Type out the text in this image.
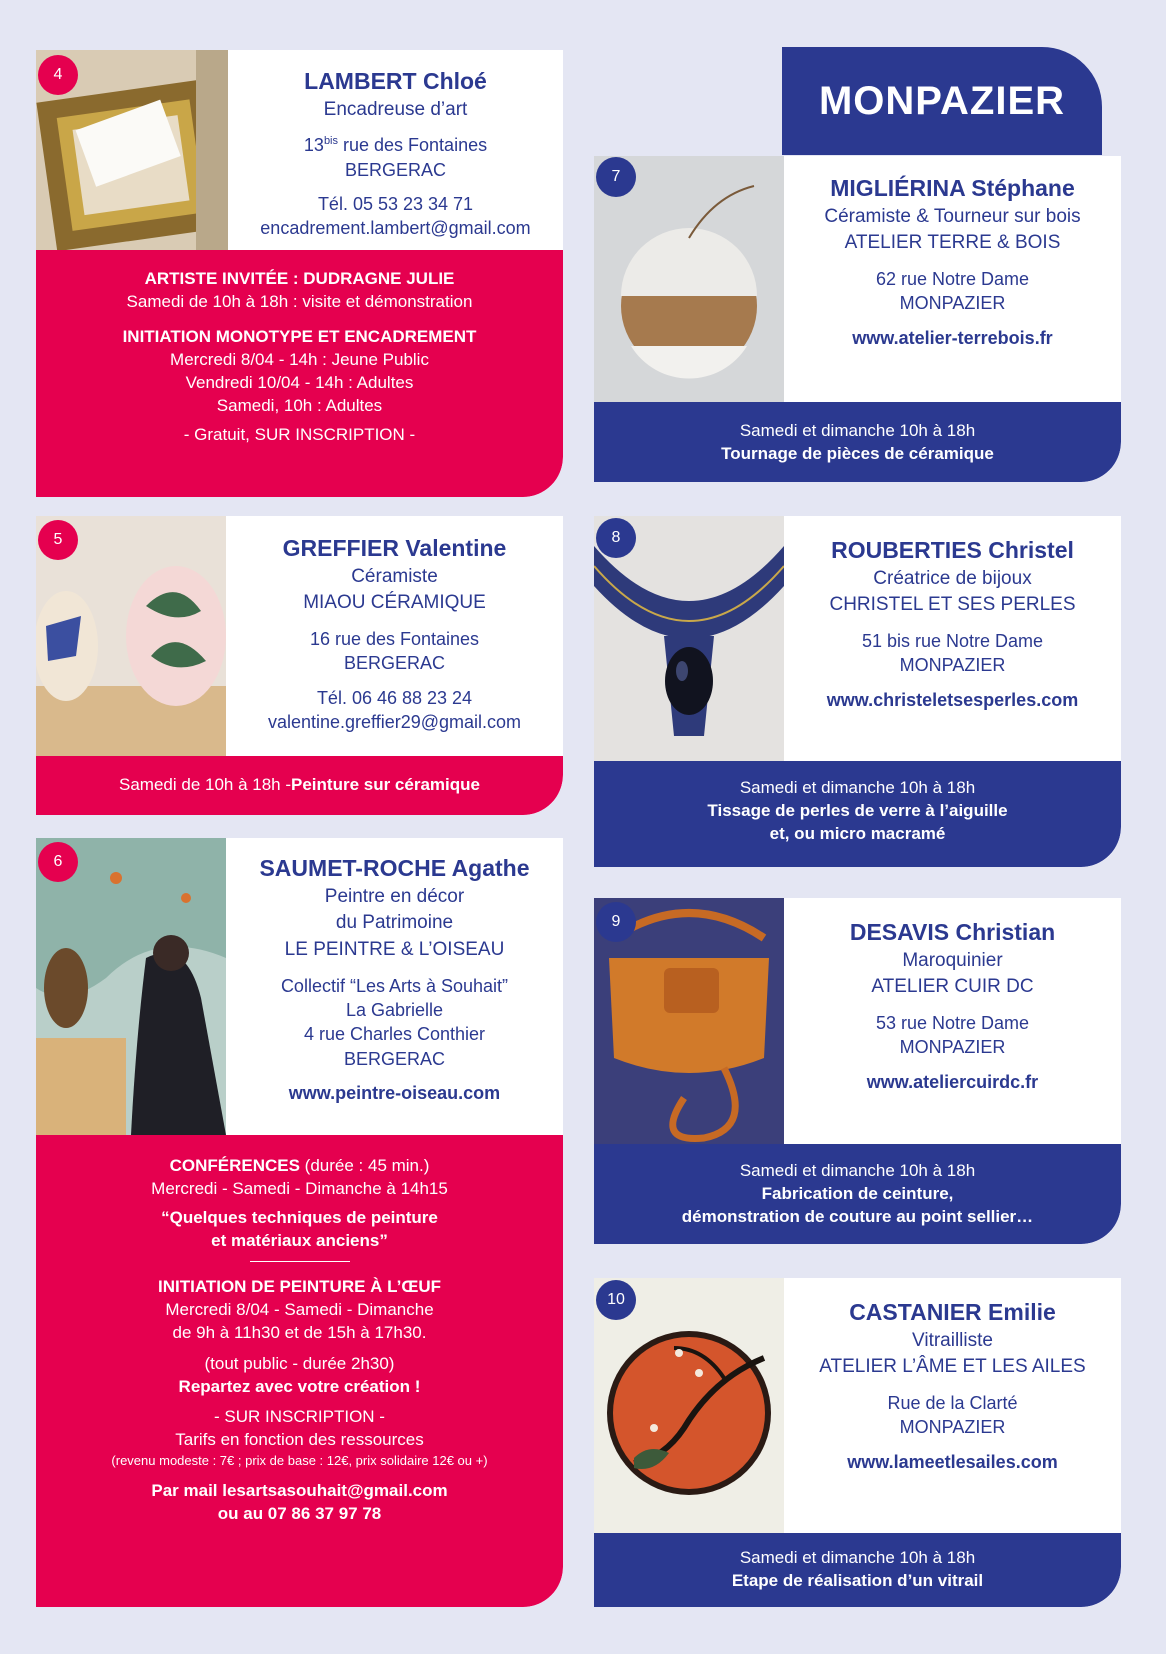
MONPAZIER
4	LAMBERT Chloé
Encadreuse d’art
$13^{bis}$ rue des Fontaines
BERGERAC
Tél. 05 53 23 34 71
encadrement.lambert@gmail.com
ARTISTE INVITÉE : DUDRAGNE JULIE
Samedi de 10h à 18h : visite et démonstration
INITIATION MONOTYPE ET ENCADREMENT
Mercredi 8/04 - 14h : Jeune Public
Vendredi 10/04 - 14h : Adultes
Samedi, 10h : Adultes
- Gratuit, SUR INSCRIPTION -
5	GREFFIER Valentine
Céramiste
MIAOU CÉRAMIQUE
16 rue des Fontaines
BERGERAC
Tél. 06 46 88 23 24
valentine.greffier29@gmail.com
Samedi de 10h à 18h - Peinture sur céramique
6	SAUMET-ROCHE Agathe
Peintre en décor
du Patrimoine
LE PEINTRE & L’OISEAU
Collectif “Les Arts à Souhait”
La Gabrielle
4 rue Charles Conthier
BERGERAC
www.peintre-oiseau.com
CONFÉRENCES (durée : 45 min.)
Mercredi - Samedi - Dimanche à 14h15
“Quelques techniques de peinture
et matériaux anciens”
INITIATION DE PEINTURE À L’ŒUF
Mercredi 8/04 - Samedi - Dimanche
de 9h à 11h30 et de 15h à 17h30.
(tout public - durée 2h30)
Repartez avec votre création !
- SUR INSCRIPTION -
Tarifs en fonction des ressources
(revenu modeste : 7€ ; prix de base : 12€, prix solidaire 12€ ou +)
Par mail lesartsasouhait@gmail.com
ou au 07 86 37 97 78
7	MIGLIÉRINA Stéphane
Céramiste & Tourneur sur bois
ATELIER TERRE & BOIS
62 rue Notre Dame
MONPAZIER
www.atelier-terrebois.fr
Samedi et dimanche 10h à 18h
Tournage de pièces de céramique
8	ROUBERTIES Christel
Créatrice de bijoux
CHRISTEL ET SES PERLES
51 bis rue Notre Dame
MONPAZIER
www.christeletsesperles.com
Samedi et dimanche 10h à 18h
Tissage de perles de verre à l’aiguille
et, ou micro macramé
9	DESAVIS Christian
Maroquinier
ATELIER CUIR DC
53 rue Notre Dame
MONPAZIER
www.ateliercuirdc.fr
Samedi et dimanche 10h à 18h
Fabrication de ceinture,
démonstration de couture au point sellier…
10	CASTANIER Emilie
Vitrailliste
ATELIER L’ÂME ET LES AILES
Rue de la Clarté
MONPAZIER
www.lameetlesailes.com
Samedi et dimanche 10h à 18h
Etape de réalisation d’un vitrail
